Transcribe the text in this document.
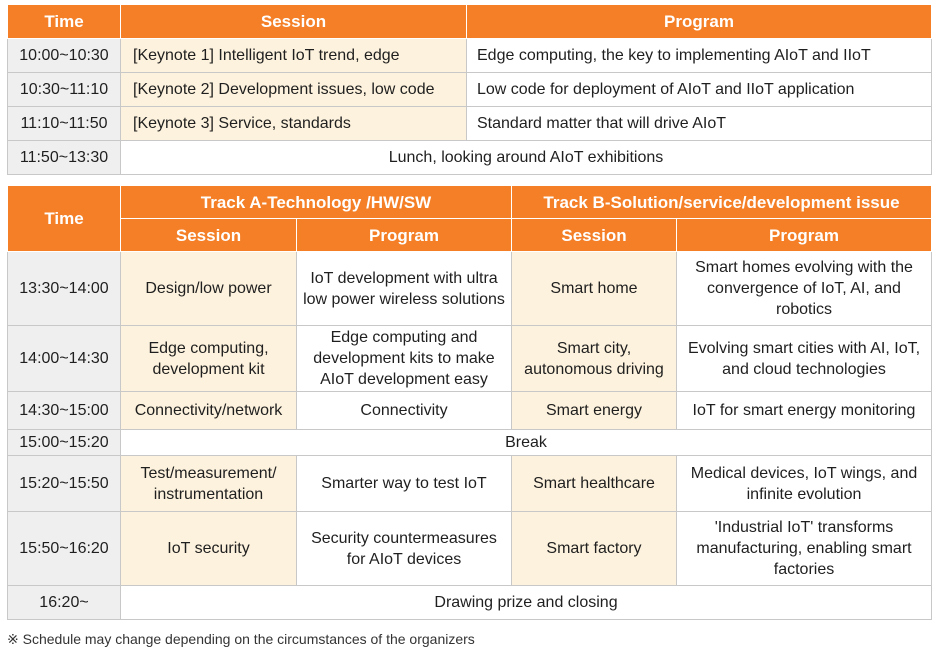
Time	Session	Program
10:00~10:30	[Keynote 1] Intelligent IoT trend, edge	Edge computing, the key to implementing AIoT and IIoT
10:30~11:10	[Keynote 2] Development issues, low code	Low code for deployment of AIoT and IIoT application
11:10~11:50	[Keynote 3] Service, standards	Standard matter that will drive AIoT
11:50~13:30	Lunch, looking around AIoT exhibitions	
Time	Track A-Technology /HW/SW		Track B-Solution/service/development issue	
	Session	Program	Session	Program
13:30~14:00	Design/low power	IoT development with ultra low power wireless solutions	Smart home	Smart homes evolving with the convergence of IoT, AI, and robotics
14:00~14:30	Edge computing, development kit	Edge computing and development kits to make AIoT development easy	Smart city, autonomous driving	Evolving smart cities with AI, IoT, and cloud technologies
14:30~15:00	Connectivity/network	Connectivity	Smart energy	IoT for smart energy monitoring
15:00~15:20	Break			
15:20~15:50	Test/measurement/ instrumentation	Smarter way to test IoT	Smart healthcare	Medical devices, IoT wings, and infinite evolution
15:50~16:20	IoT security	Security countermeasures for AIoT devices	Smart factory	'Industrial IoT' transforms manufacturing, enabling smart factories
16:20~	Drawing prize and closing			
※ Schedule may change depending on the circumstances of the organizers
